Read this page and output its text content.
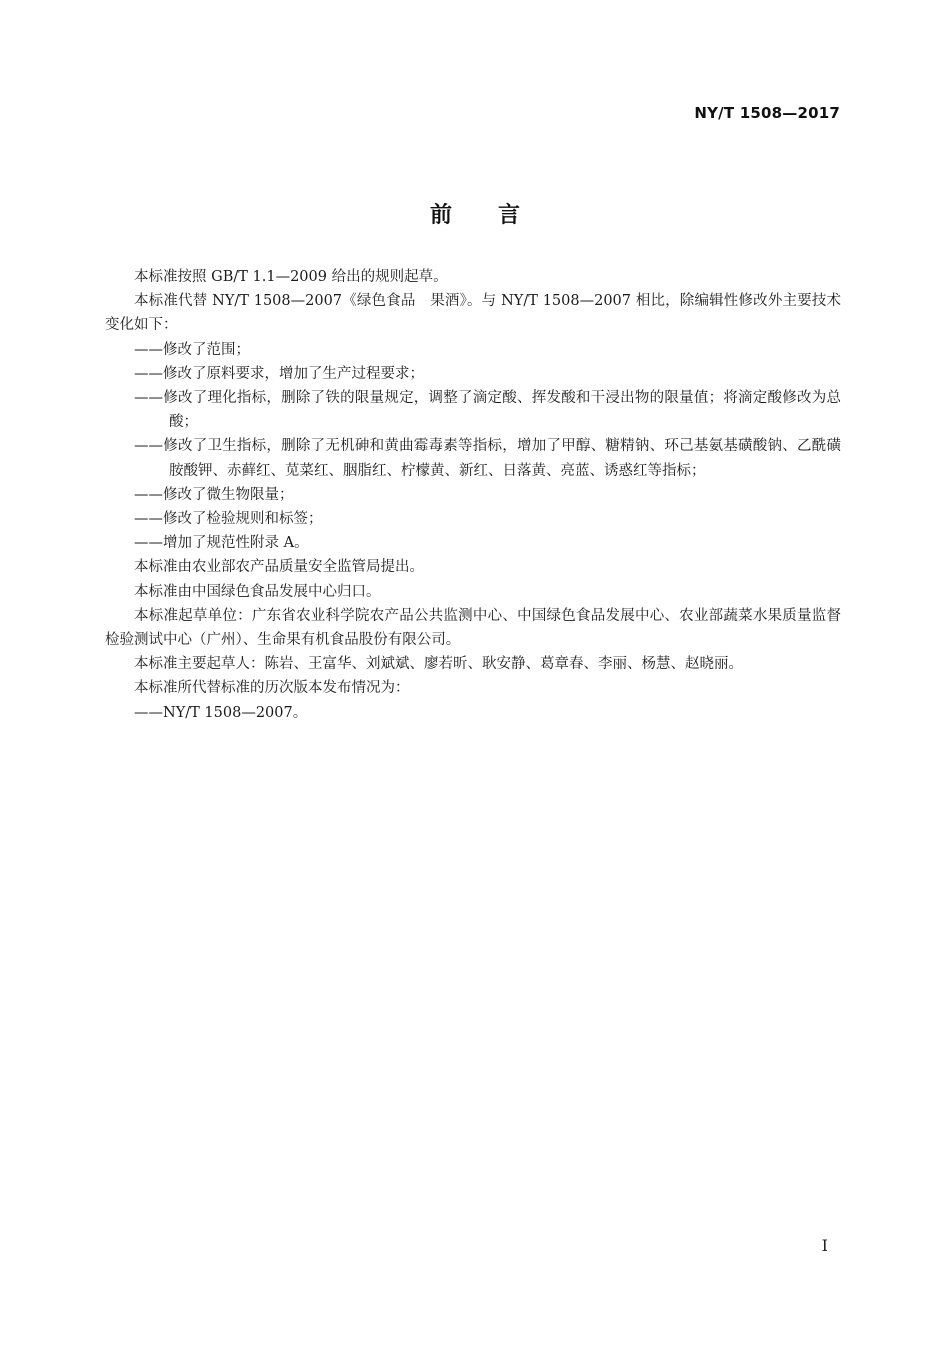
NY/T 1508—2017
前言

本标准按照 GB/T 1.1—2009 给出的规则起草。

本标准代替 NY/T 1508—2007《绿色食品　果酒》。与 NY/T 1508—2007 相比，除编辑性修改外主要技术变化如下：

——修改了范围；

——修改了原料要求，增加了生产过程要求；

——修改了理化指标，删除了铁的限量规定，调整了滴定酸、挥发酸和干浸出物的限量值；将滴定酸修改为总酸；

——修改了卫生指标，删除了无机砷和黄曲霉毒素等指标，增加了甲醇、糖精钠、环己基氨基磺酸钠、乙酰磺胺酸钾、赤藓红、苋菜红、胭脂红、柠檬黄、新红、日落黄、亮蓝、诱惑红等指标；

——修改了微生物限量；

——修改了检验规则和标签；

——增加了规范性附录 A。

本标准由农业部农产品质量安全监管局提出。

本标准由中国绿色食品发展中心归口。

本标准起草单位：广东省农业科学院农产品公共监测中心、中国绿色食品发展中心、农业部蔬菜水果质量监督检验测试中心（广州）、生命果有机食品股份有限公司。

本标准主要起草人：陈岩、王富华、刘斌斌、廖若昕、耿安静、葛章春、李丽、杨慧、赵晓丽。

本标准所代替标准的历次版本发布情况为：

——NY/T 1508—2007。

I
